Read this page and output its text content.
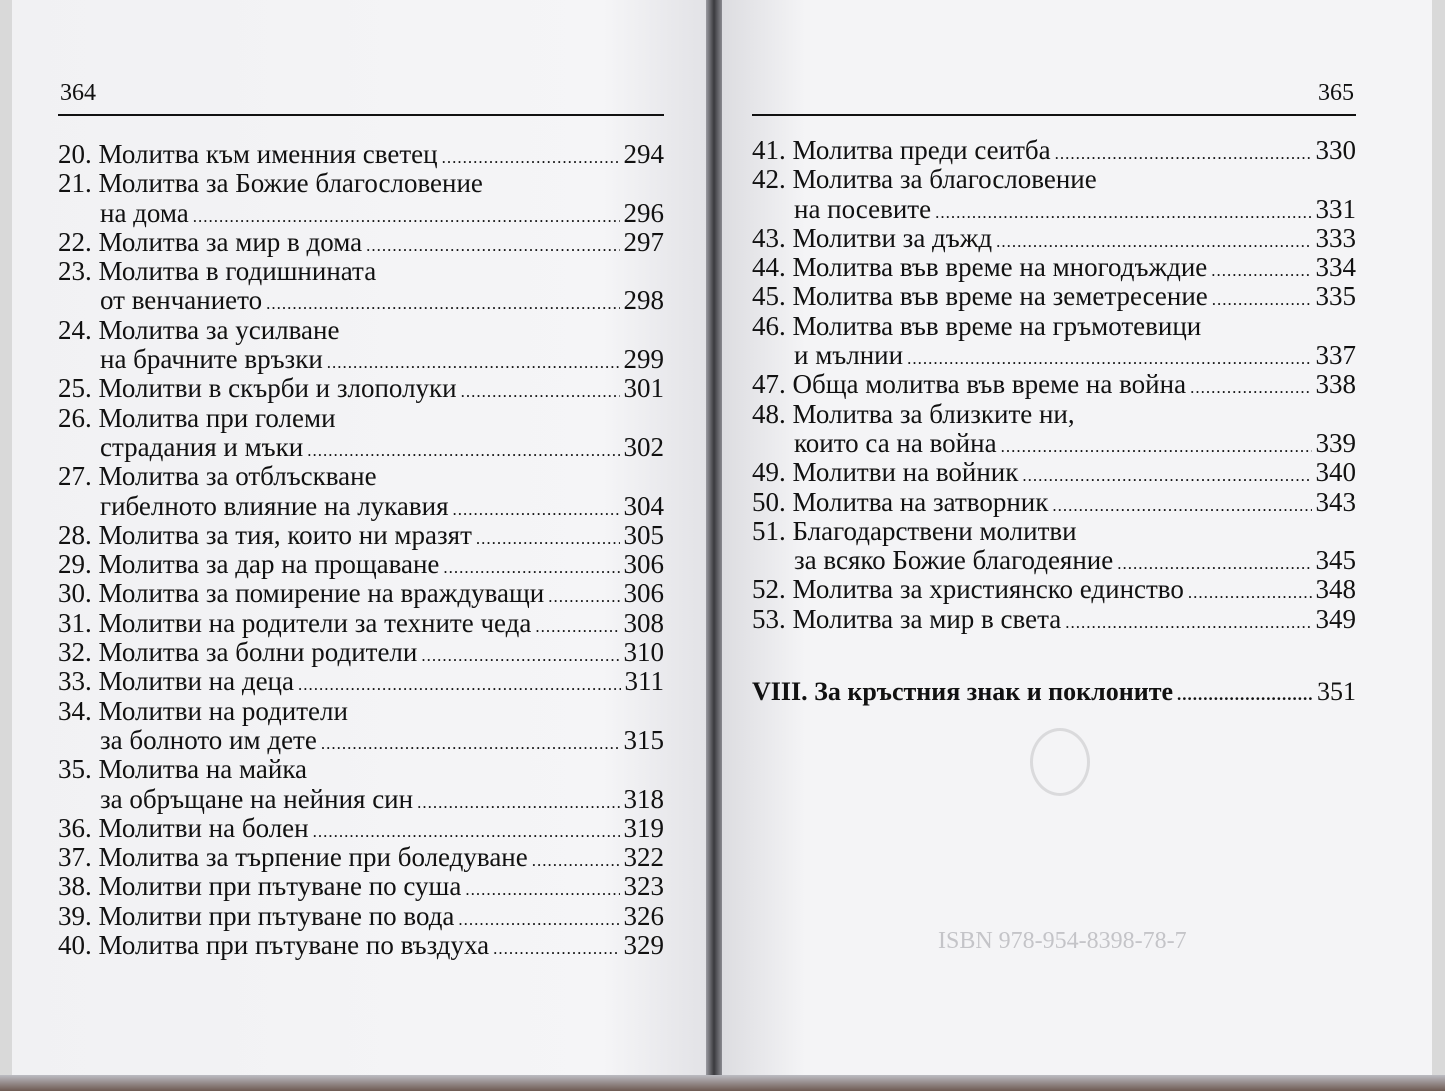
364	365
20. Молитва към именния светец .....	294
21. Молитва за Божие благословение
на дома .....	296
22. Молитва за мир в дома .....	297
23. Молитва в годишнината
от венчанието .....	298
24. Молитва за усилване
на брачните връзки .....	299
25. Молитви в скърби и злополуки .....	301
26. Молитва при големи
страдания и мъки .....	302
27. Молитва за отблъскване
гибелното влияние на лукавия .....	304
28. Молитва за тия, които ни мразят .....	305
29. Молитва за дар на прощаване .....	306
30. Молитва за помирение на враждуващи .....	306
31. Молитви на родители за техните чеда .....	308
32. Молитва за болни родители .....	310
33. Молитви на деца .....	311
34. Молитви на родители
за болното им дете .....	315
35. Молитва на майка
за обръщане на нейния син .....	318
36. Молитви на болен .....	319
37. Молитва за търпение при боледуване .....	322
38. Молитви при пътуване по суша .....	323
39. Молитви при пътуване по вода .....	326
40. Молитва при пътуване по въздуха .....	329
41. Молитва преди сеитба .....	330
42. Молитва за благословение
на посевите .....	331
43. Молитви за дъжд .....	333
44. Молитва във време на многодъждие .....	334
45. Молитва във време на земетресение .....	335
46. Молитва във време на гръмотевици
и мълнии .....	337
47. Обща молитва във време на война .....	338
48. Молитва за близките ни,
които са на война .....	339
49. Молитви на войник .....	340
50. Молитва на затворник .....	343
51. Благодарствени молитви
за всяко Божие благодеяние .....	345
52. Молитва за християнско единство .....	348
53. Молитва за мир в света .....	349
VIII. За кръстния знак и поклоните .....	351
ISBN 978-954-8398-78-7
